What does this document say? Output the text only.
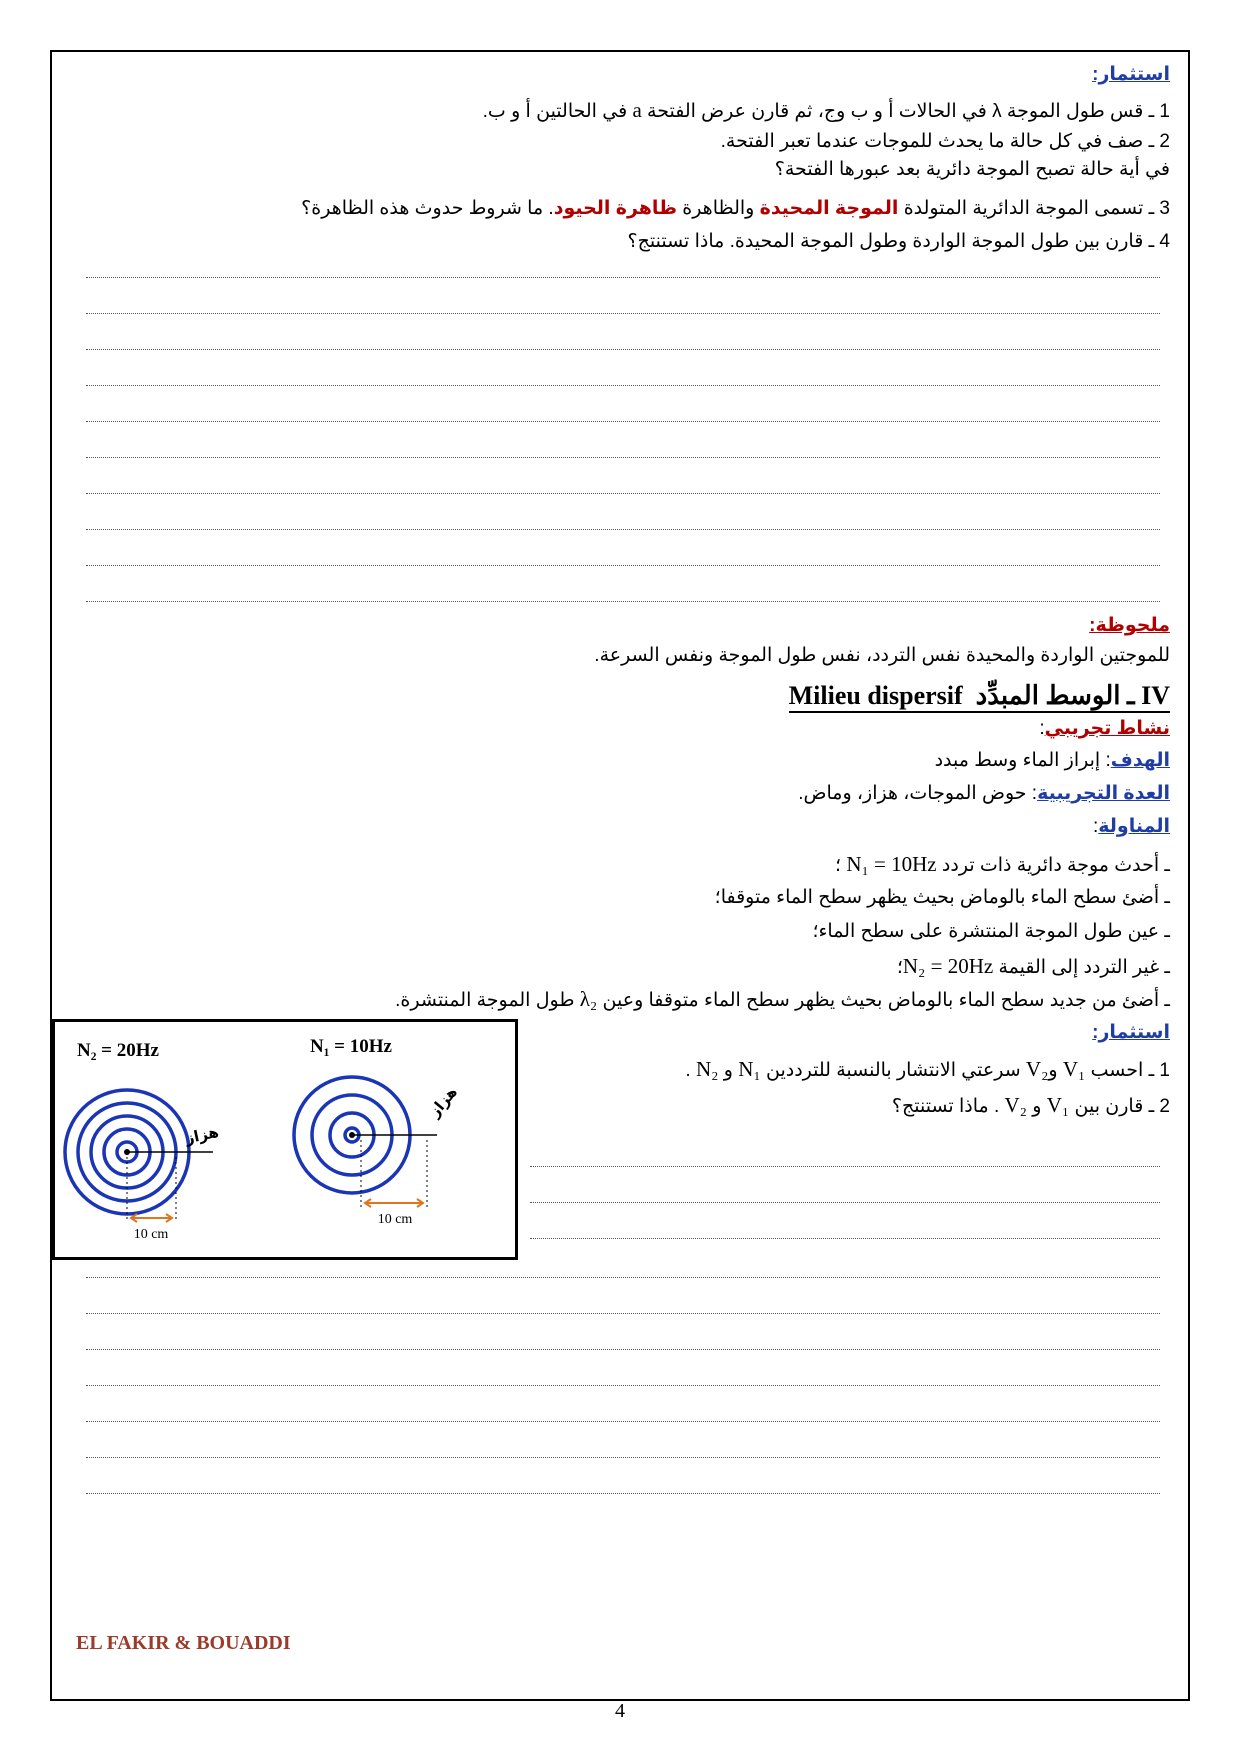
استثمار:
1 ـ قس طول الموجة λ في الحالات أ و ب وج، ثم قارن عرض الفتحة a في الحالتين أ و ب.
2 ـ صف في كل حالة ما يحدث للموجات عندما تعبر الفتحة.
في أية حالة تصبح الموجة دائرية بعد عبورها الفتحة؟
3 ـ تسمى الموجة الدائرية المتولدة الموجة المحيدة والظاهرة ظاهرة الحيود. ما شروط حدوث هذه الظاهرة؟
4 ـ قارن بين طول الموجة الواردة وطول الموجة المحيدة. ماذا تستنتج؟
ملحوظة:
للموجتين الواردة والمحيدة نفس التردد، نفس طول الموجة ونفس السرعة.
IV ـ الوسط المبدِّد  Milieu dispersif
نشاط تجريبي:
الهدف: إبراز الماء وسط مبدد
العدة التجريبية: حوض الموجات، هزاز، وماض.
المناولة:
ـ أحدث موجة دائرية ذات تردد N₁ = 10Hz ؛
ـ أضئ سطح الماء بالوماض بحيث يظهر سطح الماء متوقفا؛
ـ عين طول الموجة المنتشرة على سطح الماء؛
ـ غير التردد إلى القيمة N₂ = 20Hz؛
ـ أضئ من جديد سطح الماء بالوماض بحيث يظهر سطح الماء متوقفا وعين λ₂ طول الموجة المنتشرة.
استثمار:
1 ـ احسب V₁ وV₂ سرعتي الانتشار بالنسبة للترددين N₁ و N₂ .
2 ـ قارن بين V₁ و V₂ . ماذا تستنتج؟
N₂ = 20Hz
هزاز
10 cm
N₁ = 10Hz
هزاز
10 cm
EL FAKIR & BOUADDI
4
